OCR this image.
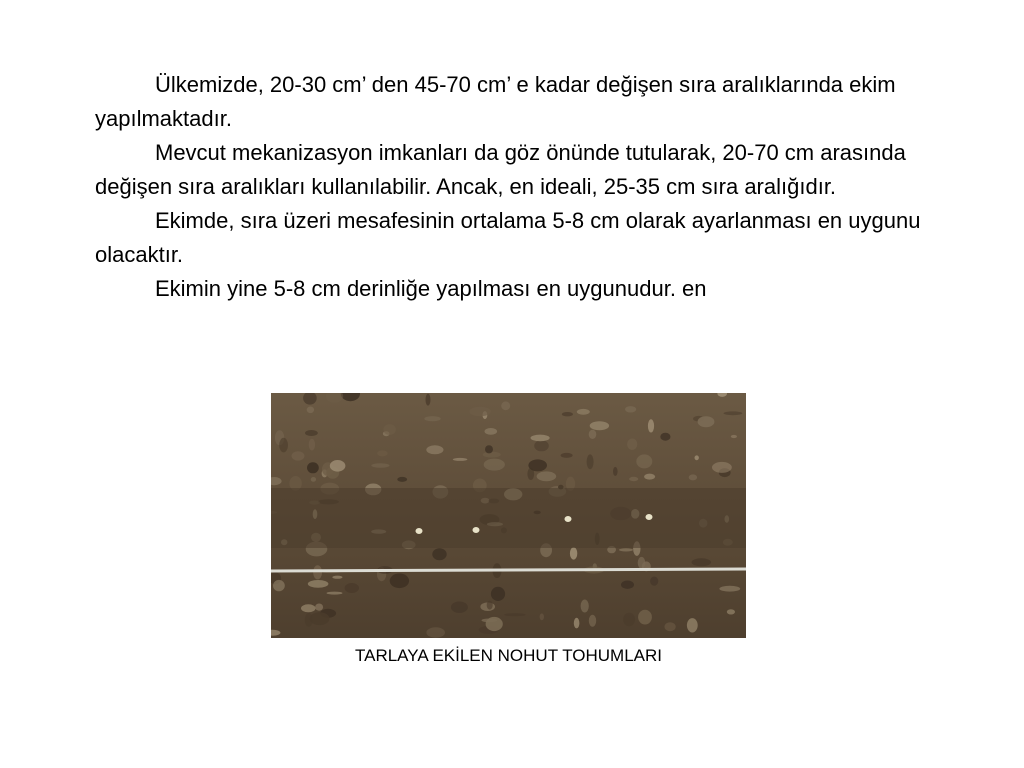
Ülkemizde, 20-30 cm’ den 45-70 cm’ e kadar değişen sıra aralıklarında ekim yapılmaktadır.

Mevcut mekanizasyon imkanları da göz önünde tutularak, 20-70 cm arasında değişen sıra aralıkları kullanılabilir. Ancak, en ideali, 25-35 cm sıra aralığıdır.

Ekimde, sıra üzeri mesafesinin ortalama 5-8 cm olarak ayarlanması en uygunu olacaktır.

Ekimin yine 5-8 cm derinliğe yapılması en uygunudur. en

TARLAYA EKİLEN NOHUT TOHUMLARI
